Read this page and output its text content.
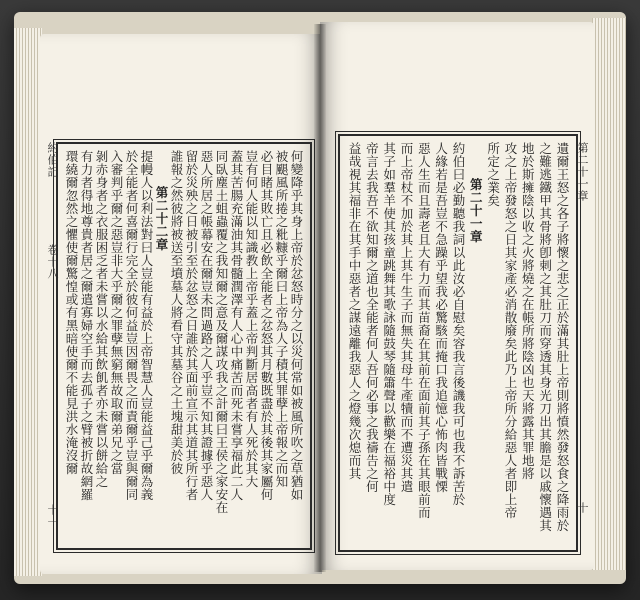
約伯記
卷十八
十一
何變降乎其身上帝於忿怒時分之以災何常如被風所吹之草猶如
被颶風所捲之粃糠乎爾曰上帝為人子積其罪孽上帝報之而知
必目睹其敗亡且必飲全能者之忿怒其月數既盡於其後其家屬何
豈有何人能以知識教上帝乎蓋上帝判斷居高者有人死於其大
蓋其苦腸充滿油其骨髓潤澤有人心中痛苦而死未嘗享福此二人
同臥塵土蛆蟲覆之我知爾之意及爾謀攻我之計爾曰王侯之家安在
惡人所居之帳幕安在爾豈未問過路之人乎豈不知其證據乎惡人
留於災殃之日被引至於忿怒之日誰於其面前宣示其道其所行者
誰報之然彼將被送至墳墓人將看守其墓谷之土塊甜美於彼
第二十二章
提幔人以利法對曰人豈能有益於上帝智慧人豈能益己乎爾為義
於全能者何喜爾行完全於彼何益豈因爾畏之而責爾乎豈與爾同
入審判乎爾之惡豈非大乎爾之罪孽無窮無故取爾弟兄之當
剝赤身者之衣服困乏者未嘗以水給其飲飢者亦未嘗以餅給之
有力者得地尊貴者居之爾遣寡婦空手而去孤子之臂被折故網羅
環繞爾忽然之懼使爾驚惶或有黑暗使爾不能見洪水淹沒爾	第二十一章
十
遺爾王怒之各子將懷之悲之正於滿其肚上帝則將憤然發怒食之降雨於
之難逃鐵甲其骨將卽刺之其肚刀而穿透其身光刀出其膽是以戚懷遇其
地於斯擁陰以收之火將燒之在帳所將陰凶也天將露其罪地將
攻之上帝發怒之日其家產必消散廢矣此乃上帝所分給惡人者即上帝
所定之業矣
第二十一章
約伯曰必勤聽我詞以此汝必自慰矣容我言後譏我可也我不訴苦於
人緣若是吾豈不急躁乎望我必驚駭而掩口我追憶心怖肉皆戰慄
惡人生而且壽老且大有力而其苗裔在其前在面前其子孫在其眼前而
而上帝杖不加於其上其牛生子而無失其母牛產犢而不遭災其遣
其子如羣羊使其孩童跳舞其歌詠隨鼓琴隨簫聲以歡樂在福裕中度
帝言去我吾不欲知爾之道也全能者何人吾何必事之我禱告之何
益哉視其福非在其手中惡者之謀遠離我惡人之燈幾次熄而其
